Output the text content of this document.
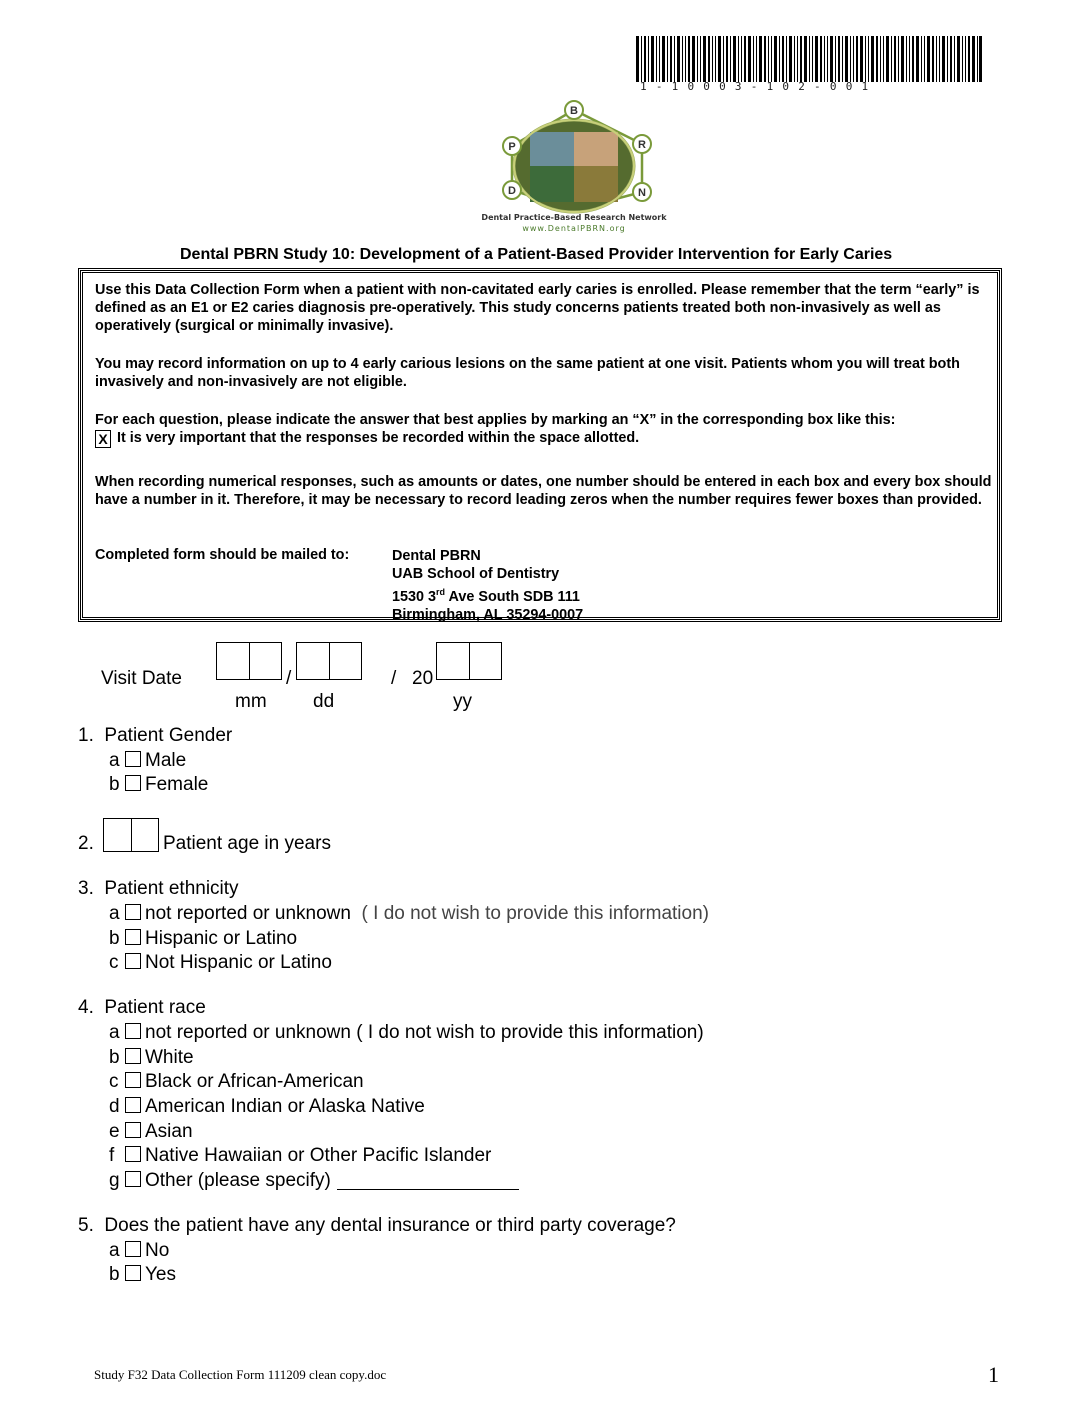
1-10003-102-001
B
P	R
D	N
Dental Practice-Based Research Network
www.DentalPBRN.org
Dental PBRN Study 10: Development of a Patient-Based Provider Intervention for Early Caries

Use this Data Collection Form when a patient with non-cavitated early caries is enrolled. Please remember that the term “early” is defined as an E1 or E2 caries diagnosis pre-operatively. This study concerns patients treated both non-invasively as well as operatively (surgical or minimally invasive).

You may record information on up to 4 early carious lesions on the same patient at one visit. Patients whom you will treat both invasively and non-invasively are not eligible.

For each question, please indicate the answer that best applies by marking an “X” in the corresponding box like this:

X It is very important that the responses be recorded within the space allotted.

When recording numerical responses, such as amounts or dates, one number should be entered in each box and every box should have a number in it. Therefore, it may be necessary to record leading zeros when the number requires fewer boxes than provided.

Completed form should be mailed to:	Dental PBRN
UAB School of Dentistry
1530 3rd Ave South SDB 111
Birmingham, AL 35294-0007
Visit Date	/	/ 20
mm dd	yy
1. Patient Gender
a Male
b Female
2.	Patient age in years
3. Patient ethnicity
a not reported or unknown ( I do not wish to provide this information)
b Hispanic or Latino
c Not Hispanic or Latino
4. Patient race
a not reported or unknown ( I do not wish to provide this information)
b White
c Black or African-American
d American Indian or Alaska Native
e Asian
f Native Hawaiian or Other Pacific Islander
g Other (please specify)
5. Does the patient have any dental insurance or third party coverage?
a No
b Yes
Study F32 Data Collection Form 111209 clean copy.doc	1
